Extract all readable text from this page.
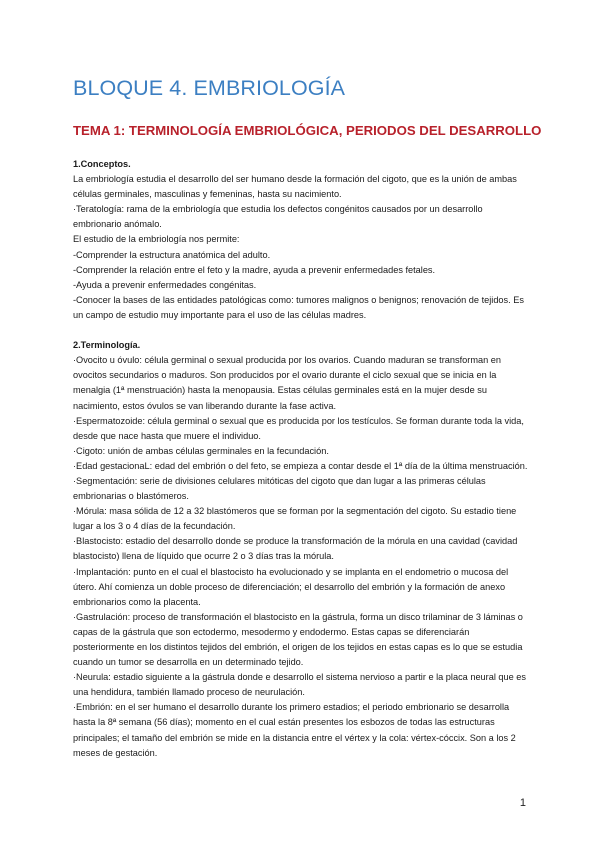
BLOQUE 4. EMBRIOLOGÍA
TEMA 1: TERMINOLOGÍA EMBRIOLÓGICA, PERIODOS DEL DESARROLLO
1.Conceptos.

La embriología estudia el desarrollo del ser humano desde la formación del cigoto, que es la unión de ambas células germinales, masculinas y femeninas, hasta su nacimiento.

·Teratología: rama de la embriología que estudia los defectos congénitos causados por un desarrollo embrionario anómalo.

El estudio de la embriología nos permite:

-Comprender la estructura anatómica del adulto.

-Comprender la relación entre el feto y la madre, ayuda a prevenir enfermedades fetales.

-Ayuda a prevenir enfermedades congénitas.

-Conocer la bases de las entidades patológicas como: tumores malignos o benignos; renovación de tejidos. Es un campo de estudio muy importante para el uso de las células madres.

2.Terminología.

·Ovocito u óvulo: célula germinal o sexual producida por los ovarios. Cuando maduran se transforman en ovocitos secundarios o maduros. Son producidos por el ovario durante el ciclo sexual que se inicia en la menalgia (1ª menstruación) hasta la menopausia. Estas células germinales está en la mujer desde su nacimiento, estos óvulos se van liberando durante la fase activa.

·Espermatozoide: célula germinal o sexual que es producida por los testículos. Se forman durante toda la vida, desde que nace hasta que muere el individuo.

·Cigoto: unión de ambas células germinales en la fecundación.

·Edad gestacionaL: edad del embrión o del feto, se empieza a contar desde el 1ª día de la última menstruación.

·Segmentación: serie de divisiones celulares mitóticas del cigoto que dan lugar a las primeras células embrionarias o blastómeros.

·Mórula: masa sólida de 12 a 32 blastómeros que se forman por la segmentación del cigoto. Su estadio tiene lugar a los 3 o 4 días de la fecundación.

·Blastocisto: estadio del desarrollo donde se produce la transformación de la mórula en una cavidad (cavidad blastocisto) llena de líquido que ocurre 2 o 3 días tras la mórula.

·Implantación: punto en el cual el blastocisto ha evolucionado y se implanta en el endometrio o mucosa del útero. Ahí comienza un doble proceso de diferenciación; el desarrollo del embrión y la formación de anexo embrionarios como la placenta.

·Gastrulación: proceso de transformación el blastocisto en la gástrula, forma un disco trilaminar de 3 láminas o capas de la gástrula que son ectodermo, mesodermo y endodermo. Estas capas se diferenciarán posteriormente en los distintos tejidos del embrión, el origen de los tejidos en estas capas es lo que se estudia cuando un tumor se desarrolla en un determinado tejido.

·Neurula: estadio siguiente a la gástrula donde e desarrollo el sistema nervioso a partir e la placa neural que es una hendidura, también llamado proceso de neurulación.

·Embrión: en el ser humano el desarrollo durante los primero estadios; el periodo embrionario se desarrolla hasta la 8ª semana (56 días); momento en el cual están presentes los esbozos de todas las estructuras principales; el tamaño del embrión se mide en la distancia entre el vértex y la cola: vértex-cóccix. Son a los 2 meses de gestación.

1
